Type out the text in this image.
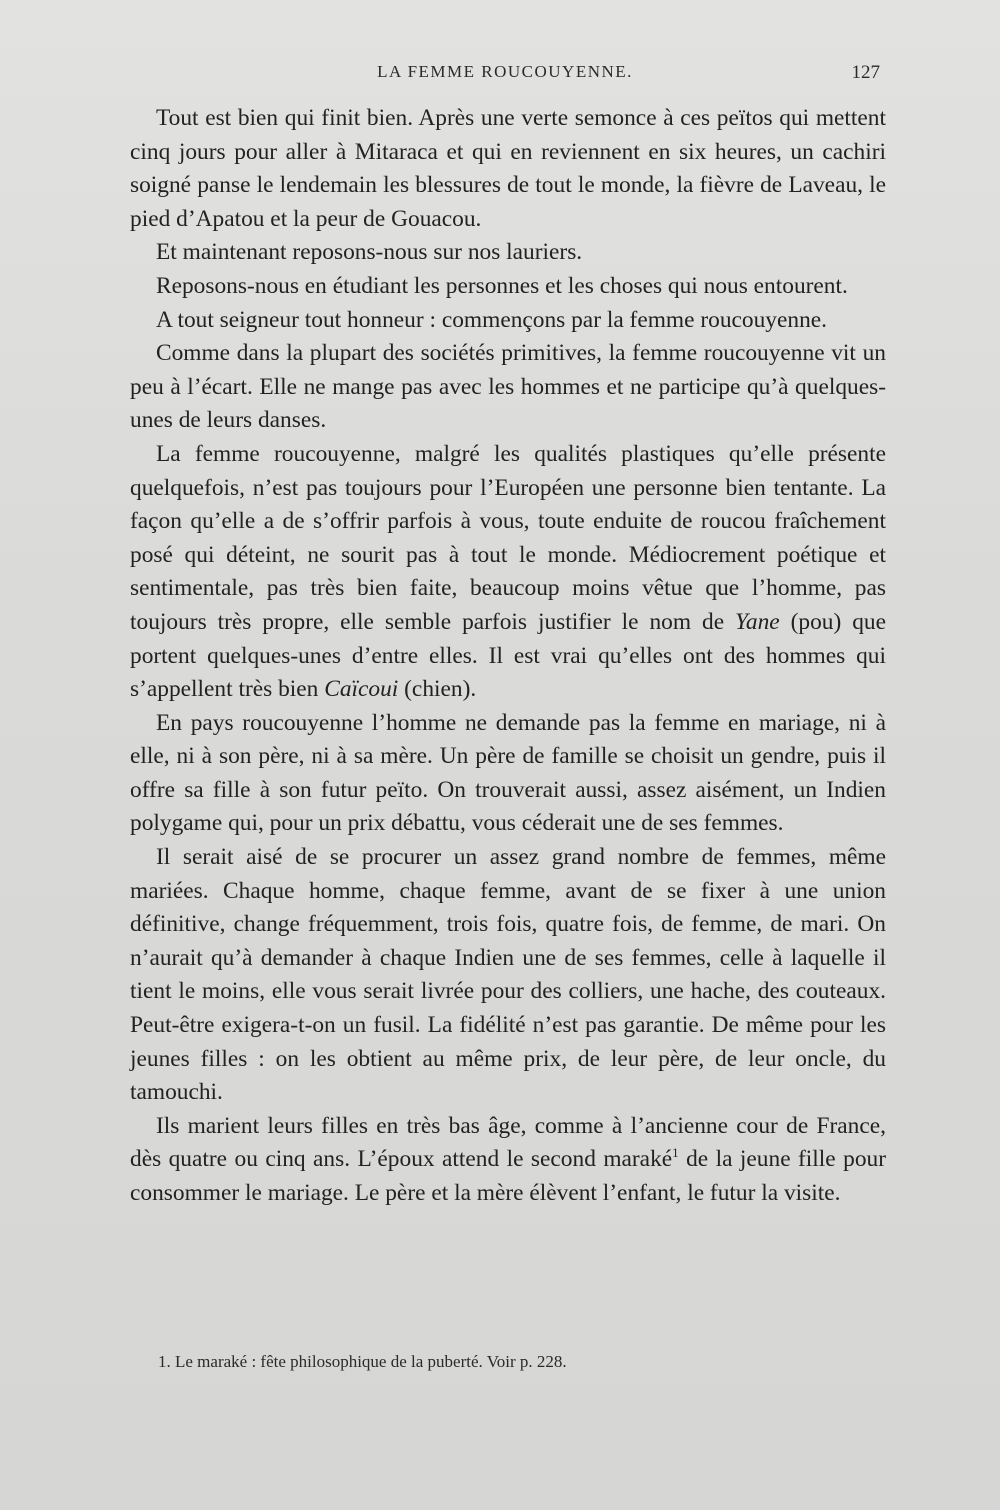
LA FEMME ROUCOUYENNE.	127

Tout est bien qui finit bien. Après une verte semonce à ces peïtos qui mettent cinq jours pour aller à Mitaraca et qui en reviennent en six heures, un cachiri soigné panse le lendemain les blessures de tout le monde, la fièvre de Laveau, le pied d’Apatou et la peur de Gouacou.

Et maintenant reposons-nous sur nos lauriers.

Reposons-nous en étudiant les personnes et les choses qui nous entourent.

A tout seigneur tout honneur : commençons par la femme roucouyenne.

Comme dans la plupart des sociétés primitives, la femme roucouyenne vit un peu à l’écart. Elle ne mange pas avec les hommes et ne participe qu’à quelques-unes de leurs danses.

La femme roucouyenne, malgré les qualités plastiques qu’elle présente quelquefois, n’est pas toujours pour l’Européen une personne bien tentante. La façon qu’elle a de s’offrir parfois à vous, toute enduite de roucou fraîchement posé qui déteint, ne sourit pas à tout le monde. Médiocrement poétique et sentimentale, pas très bien faite, beaucoup moins vêtue que l’homme, pas toujours très propre, elle semble parfois justifier le nom de Yane (pou) que portent quelques-unes d’entre elles. Il est vrai qu’elles ont des hommes qui s’appellent très bien Caïcoui (chien).

En pays roucouyenne l’homme ne demande pas la femme en mariage, ni à elle, ni à son père, ni à sa mère. Un père de famille se choisit un gendre, puis il offre sa fille à son futur peïto. On trouverait aussi, assez aisément, un Indien polygame qui, pour un prix débattu, vous céderait une de ses femmes.

Il serait aisé de se procurer un assez grand nombre de femmes, même mariées. Chaque homme, chaque femme, avant de se fixer à une union définitive, change fréquemment, trois fois, quatre fois, de femme, de mari. On n’aurait qu’à demander à chaque Indien une de ses femmes, celle à laquelle il tient le moins, elle vous serait livrée pour des colliers, une hache, des couteaux. Peut-être exigera-t-on un fusil. La fidélité n’est pas garantie. De même pour les jeunes filles : on les obtient au même prix, de leur père, de leur oncle, du tamouchi.

Ils marient leurs filles en très bas âge, comme à l’ancienne cour de France, dès quatre ou cinq ans. L’époux attend le second maraké$^1$ de la jeune fille pour consommer le mariage. Le père et la mère élèvent l’enfant, le futur la visite.

1. Le maraké : fête philosophique de la puberté. Voir p. 228.
